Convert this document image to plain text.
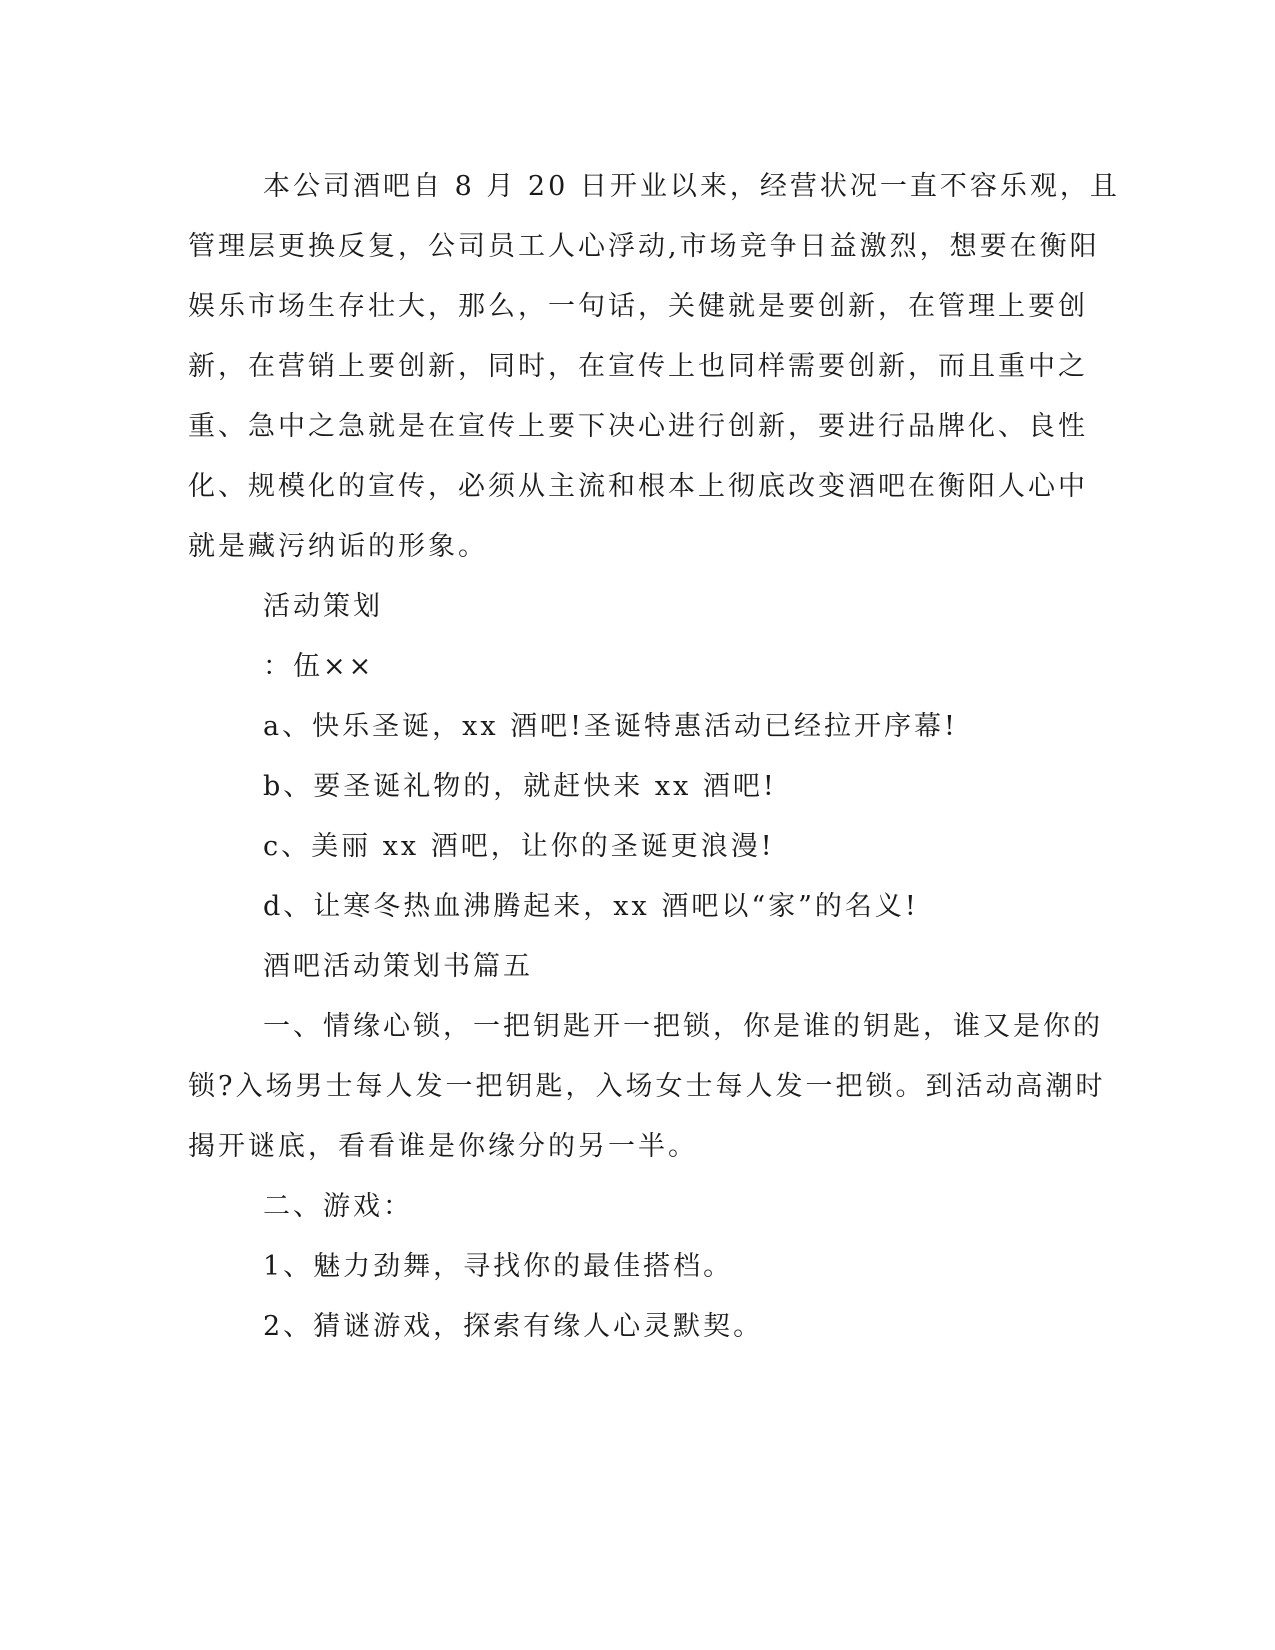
本公司酒吧自 8 月 20 日开业以来，经营状况一直不容乐观，且

管理层更换反复，公司员工人心浮动,市场竞争日益激烈，想要在衡阳

娱乐市场生存壮大，那么，一句话，关健就是要创新，在管理上要创

新，在营销上要创新，同时，在宣传上也同样需要创新，而且重中之

重、急中之急就是在宣传上要下决心进行创新，要进行品牌化、良性

化、规模化的宣传，必须从主流和根本上彻底改变酒吧在衡阳人心中

就是藏污纳诟的形象。

活动策划

：伍××

a、快乐圣诞，xx 酒吧!圣诞特惠活动已经拉开序幕!

b、要圣诞礼物的，就赶快来 xx 酒吧!

c、美丽 xx 酒吧，让你的圣诞更浪漫!

d、让寒冬热血沸腾起来，xx 酒吧以“家”的名义!

酒吧活动策划书篇五

一、情缘心锁，一把钥匙开一把锁，你是谁的钥匙，谁又是你的

锁?入场男士每人发一把钥匙，入场女士每人发一把锁。到活动高潮时

揭开谜底，看看谁是你缘分的另一半。

二、游戏：

1、魅力劲舞，寻找你的最佳搭档。

2、猜谜游戏，探索有缘人心灵默契。
